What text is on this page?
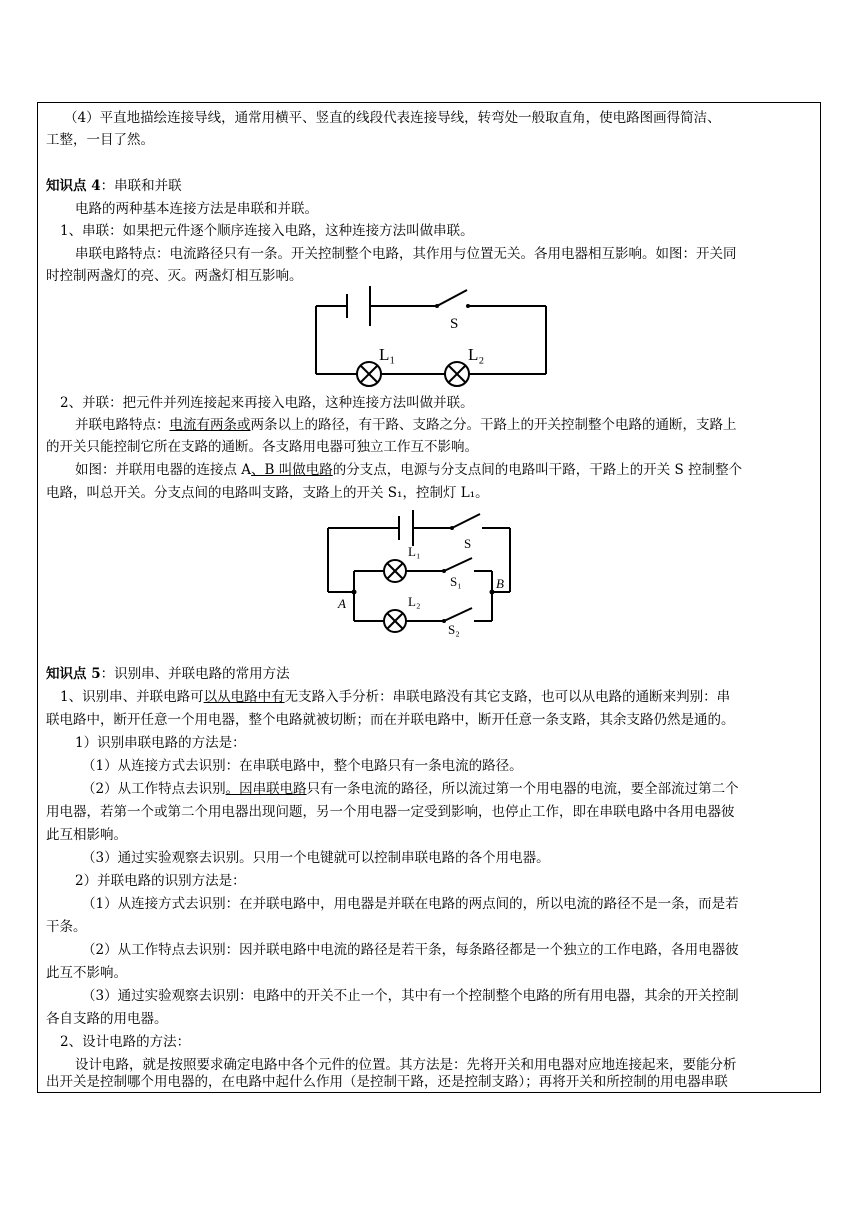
（4）平直地描绘连接导线，通常用横平、竖直的线段代表连接导线，转弯处一般取直角，使电路图画得简洁、
工整，一目了然。
知识点 4：串联和并联
电路的两种基本连接方法是串联和并联。
1、串联：如果把元件逐个顺序连接入电路，这种连接方法叫做串联。
串联电路特点：电流路径只有一条。开关控制整个电路，其作用与位置无关。各用电器相互影响。如图：开关同
时控制两盏灯的亮、灭。两盏灯相互影响。
S
L₁	L₂
2、并联：把元件并列连接起来再接入电路，这种连接方法叫做并联。
并联电路特点：电流有两条或两条以上的路径，有干路、支路之分。干路上的开关控制整个电路的通断，支路上
的开关只能控制它所在支路的通断。各支路用电器可独立工作互不影响。
如图：并联用电器的连接点 A、B 叫做电路的分支点，电源与分支点间的电路叫干路，干路上的开关 S 控制整个
电路，叫总开关。分支点间的电路叫支路，支路上的开关 S₁，控制灯 L₁。
S
L₁
L₂
S₁
S₂
A
B
知识点 5：识别串、并联电路的常用方法
1、识别串、并联电路可以从电路中有无支路入手分析：串联电路没有其它支路，也可以从电路的通断来判别：串
联电路中，断开任意一个用电器，整个电路就被切断；而在并联电路中，断开任意一条支路，其余支路仍然是通的。
1）识别串联电路的方法是：
（1）从连接方式去识别：在串联电路中，整个电路只有一条电流的路径。
（2）从工作特点去识别。因串联电路只有一条电流的路径，所以流过第一个用电器的电流，要全部流过第二个
用电器，若第一个或第二个用电器出现问题，另一个用电器一定受到影响，也停止工作，即在串联电路中各用电器彼
此互相影响。
（3）通过实验观察去识别。只用一个电键就可以控制串联电路的各个用电器。
2）并联电路的识别方法是：
（1）从连接方式去识别：在并联电路中，用电器是并联在电路的两点间的，所以电流的路径不是一条，而是若
干条。
（2）从工作特点去识别：因并联电路中电流的路径是若干条，每条路径都是一个独立的工作电路，各用电器彼
此互不影响。
（3）通过实验观察去识别：电路中的开关不止一个，其中有一个控制整个电路的所有用电器，其余的开关控制
各自支路的用电器。
2、设计电路的方法：
设计电路，就是按照要求确定电路中各个元件的位置。其方法是：先将开关和用电器对应地连接起来，要能分析
出开关是控制哪个用电器的，在电路中起什么作用（是控制干路，还是控制支路）；再将开关和所控制的用电器串联
